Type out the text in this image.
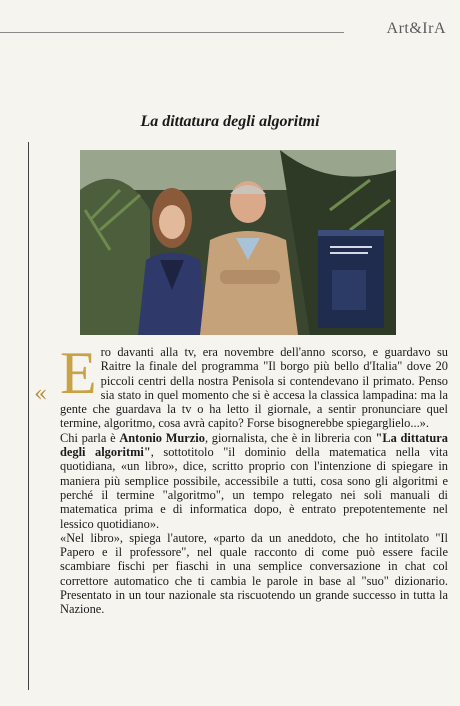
Art&IrA
La dittatura degli algoritmi
« Ero davanti alla tv, era novembre dell'anno scorso, e guardavo su Raitre la finale del programma "Il borgo più bello d'Italia" dove 20 piccoli centri della nostra Penisola si contendevano il primato. Penso sia stato in quel momento che si è accesa la classica lampadina: ma la gente che guardava la tv o ha letto il giornale, a sentir pronunciare quel termine, algoritmo, cosa avrà capito? Forse bisognerebbe spiegarglielo...».

Chi parla è Antonio Murzio, giornalista, che è in libreria con "La dittatura degli algoritmi", sottotitolo "il dominio della matematica nella vita quotidiana, «un libro», dice, scritto proprio con l'intenzione di spiegare in maniera più semplice possibile, accessibile a tutti, cosa sono gli algoritmi e perché il termine "algoritmo", un tempo relegato nei soli manuali di matematica prima e di informatica dopo, è entrato prepotentemente nel lessico quotidiano».

«Nel libro», spiega l'autore, «parto da un aneddoto, che ho intitolato "Il Papero e il professore", nel quale racconto di come può essere facile scambiare fischi per fiaschi in una semplice conversazione in chat col correttore automatico che ti cambia le parole in base al "suo" dizionario. Presentato in un tour nazionale sta riscuotendo un grande successo in tutta la Nazione.
